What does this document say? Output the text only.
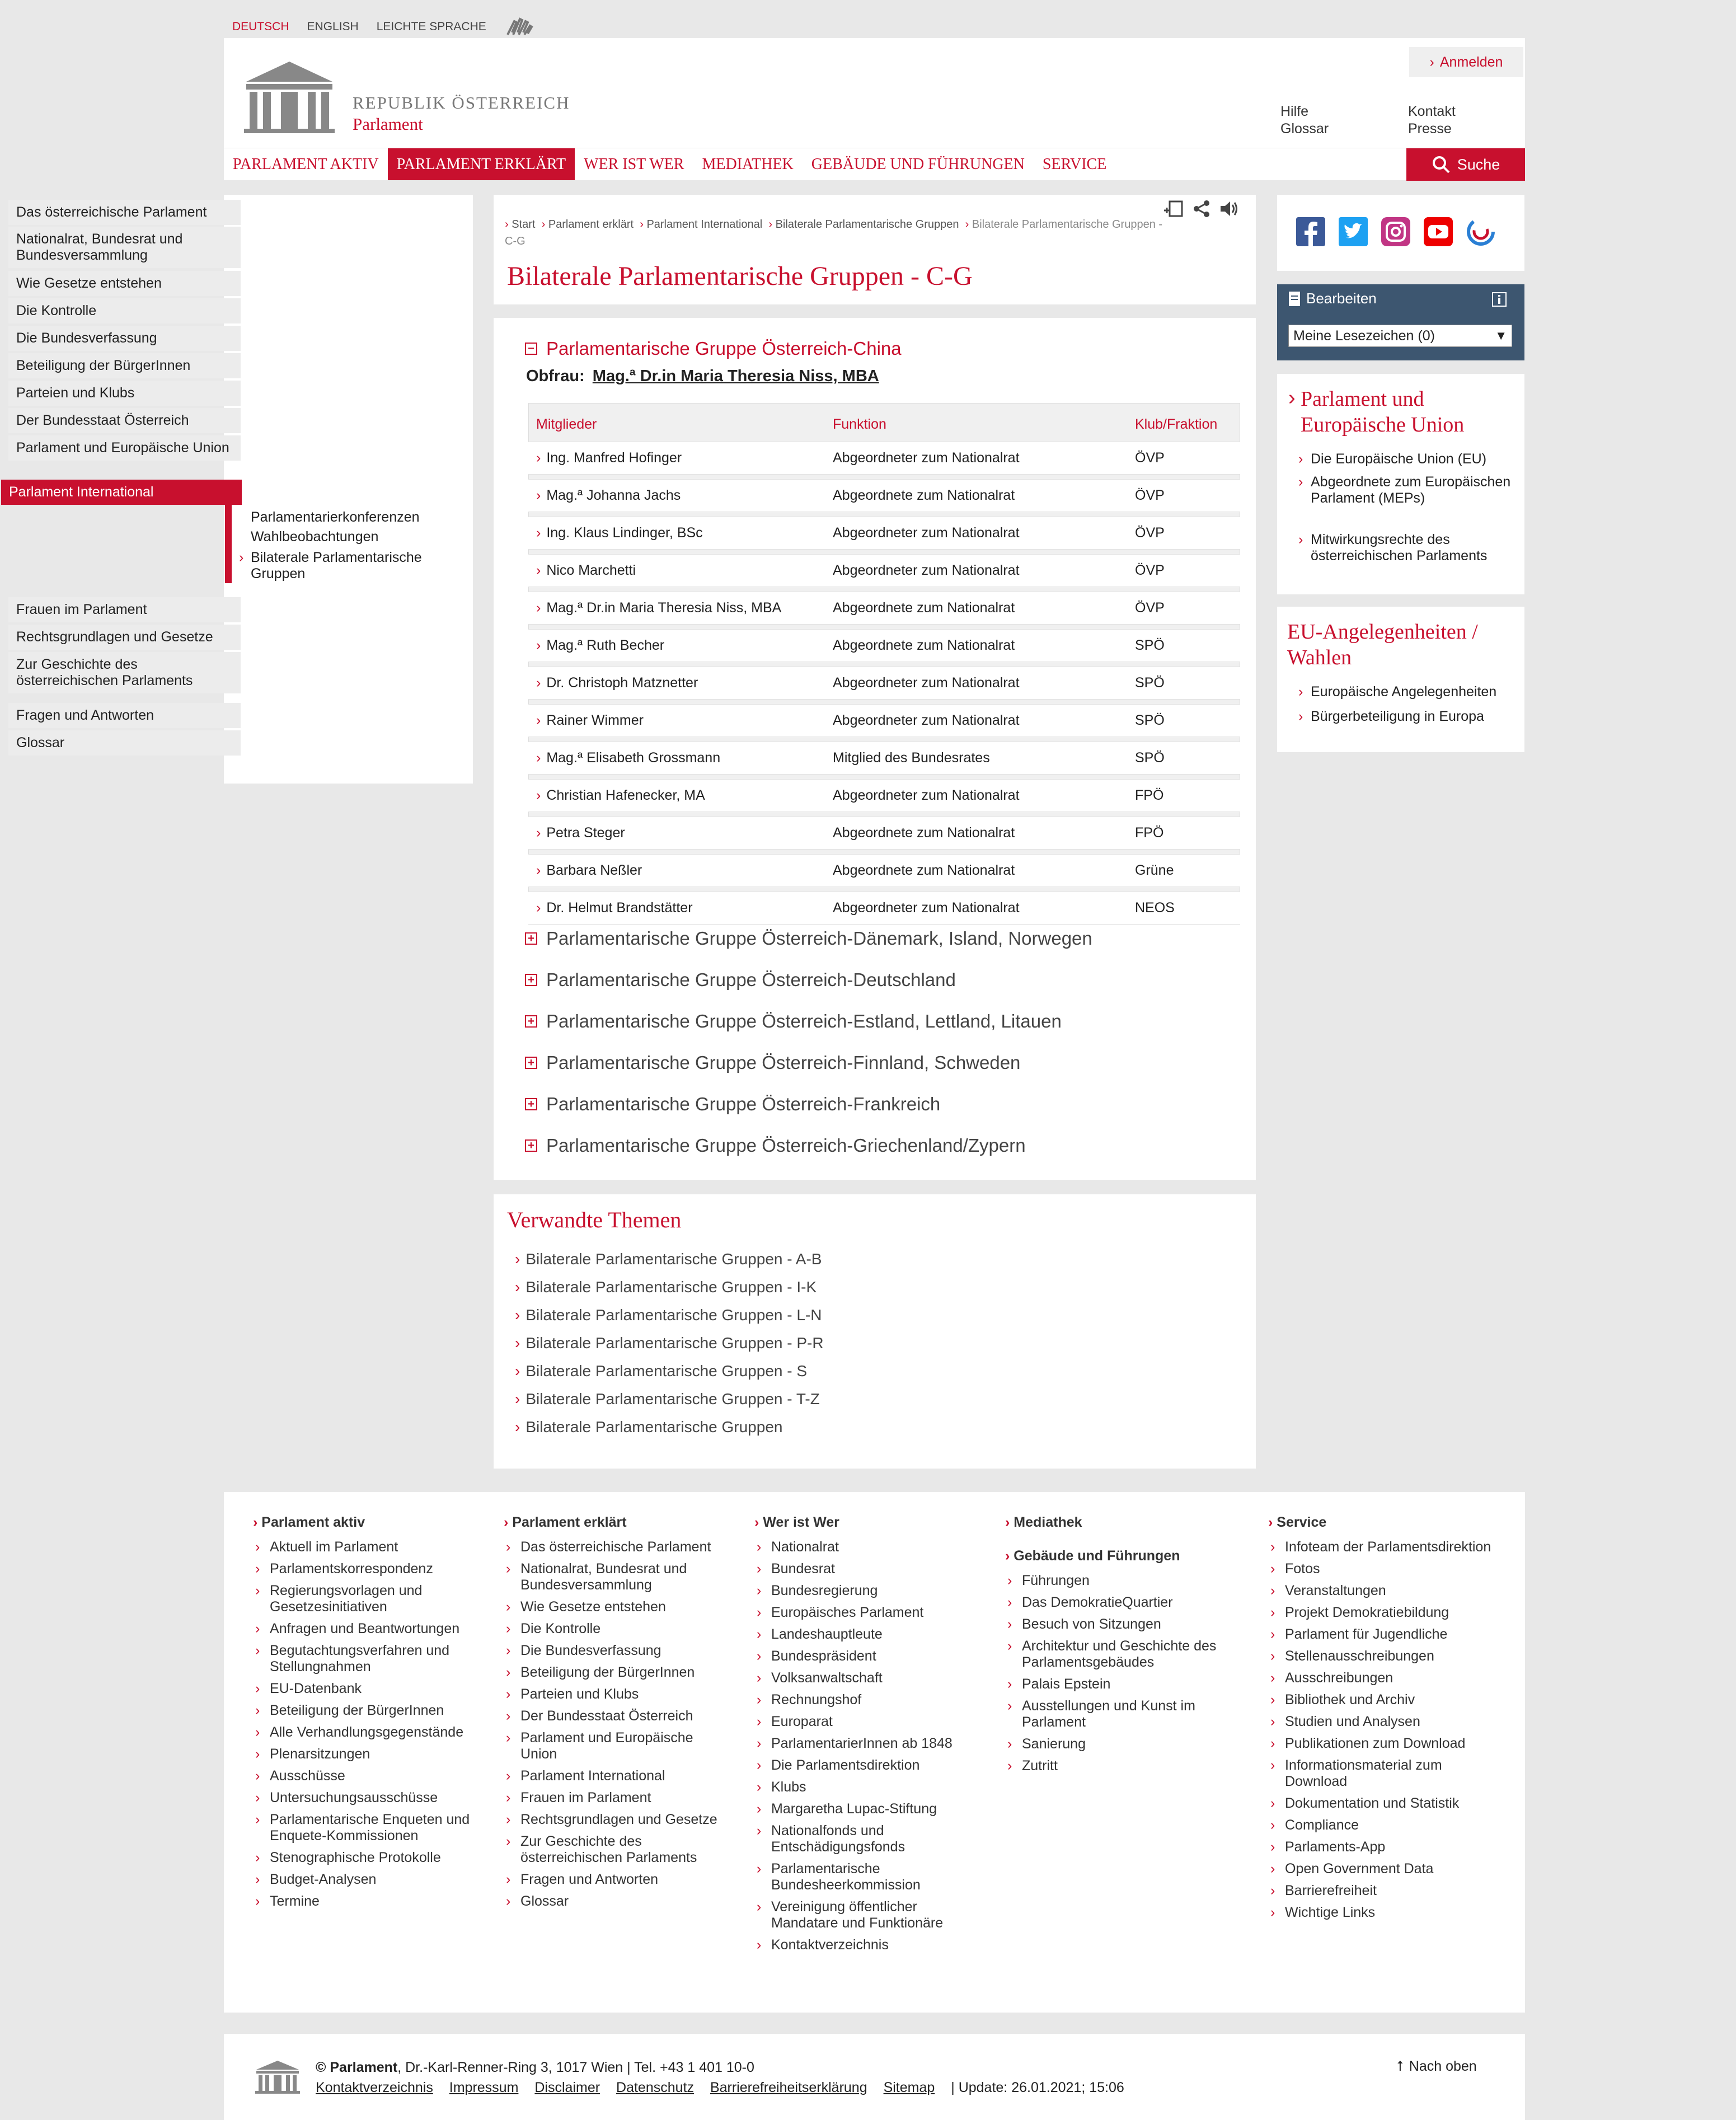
DEUTSCH ENGLISH LEICHTE SPRACHE
REPUBLIK ÖSTERREICH
Parlament
› Anmelden
Hilfe
Glossar
Kontakt
Presse
PARLAMENT AKTIV	PARLAMENT ERKLÄRT	WER IST WER	MEDIATHEK	GEBÄUDE UND FÜHRUNGEN	SERVICE	Suche
Das österreichische Parlament
Nationalrat, Bundesrat und Bundesversammlung
Wie Gesetze entstehen
Die Kontrolle
Die Bundesverfassung
Beteiligung der BürgerInnen
Parteien und Klubs
Der Bundesstaat Österreich
Parlament und Europäische Union
Parlament International
Parlamentarierkonferenzen
Wahlbeobachtungen
› Bilaterale Parlamentarische Gruppen
Frauen im Parlament
Rechtsgrundlagen und Gesetze
Zur Geschichte des österreichischen Parlaments
Fragen und Antworten
Glossar
› Start  › Parlament erklärt  › Parlament International  › Bilaterale Parlamentarische Gruppen  › Bilaterale Parlamentarische Gruppen - C-G
Bilaterale Parlamentarische Gruppen - C-G
− Parlamentarische Gruppe Österreich-China
Obfrau: Mag.ª Dr.in Maria Theresia Niss, MBA
Mitglieder	Funktion	Klub/Fraktion
› Ing. Manfred Hofinger	Abgeordneter zum Nationalrat	ÖVP
› Mag.ª Johanna Jachs	Abgeordnete zum Nationalrat	ÖVP
› Ing. Klaus Lindinger, BSc	Abgeordneter zum Nationalrat	ÖVP
› Nico Marchetti	Abgeordneter zum Nationalrat	ÖVP
› Mag.ª Dr.in Maria Theresia Niss, MBA	Abgeordnete zum Nationalrat	ÖVP
› Mag.ª Ruth Becher	Abgeordnete zum Nationalrat	SPÖ
› Dr. Christoph Matznetter	Abgeordneter zum Nationalrat	SPÖ
› Rainer Wimmer	Abgeordneter zum Nationalrat	SPÖ
› Mag.ª Elisabeth Grossmann	Mitglied des Bundesrates	SPÖ
› Christian Hafenecker, MA	Abgeordneter zum Nationalrat	FPÖ
› Petra Steger	Abgeordnete zum Nationalrat	FPÖ
› Barbara Neßler	Abgeordnete zum Nationalrat	Grüne
› Dr. Helmut Brandstätter	Abgeordneter zum Nationalrat	NEOS
+ Parlamentarische Gruppe Österreich-Dänemark, Island, Norwegen
+ Parlamentarische Gruppe Österreich-Deutschland
+ Parlamentarische Gruppe Österreich-Estland, Lettland, Litauen
+ Parlamentarische Gruppe Österreich-Finnland, Schweden
+ Parlamentarische Gruppe Österreich-Frankreich
+ Parlamentarische Gruppe Österreich-Griechenland/Zypern
Verwandte Themen
› Bilaterale Parlamentarische Gruppen - A-B
› Bilaterale Parlamentarische Gruppen - I-K
› Bilaterale Parlamentarische Gruppen - L-N
› Bilaterale Parlamentarische Gruppen - P-R
› Bilaterale Parlamentarische Gruppen - S
› Bilaterale Parlamentarische Gruppen - T-Z
› Bilaterale Parlamentarische Gruppen
Bearbeiten
Meine Lesezeichen (0)	▼
› Parlament und Europäische Union
› Die Europäische Union (EU)
› Abgeordnete zum Europäischen Parlament (MEPs)
› Mitwirkungsrechte des österreichischen Parlaments
EU-Angelegenheiten / Wahlen
› Europäische Angelegenheiten
› Bürgerbeteiligung in Europa
› Parlament aktiv
› Aktuell im Parlament
› Parlamentskorrespondenz
› Regierungsvorlagen und Gesetzesinitiativen
› Anfragen und Beantwortungen
› Begutachtungsverfahren und Stellungnahmen
› EU-Datenbank
› Beteiligung der BürgerInnen
› Alle Verhandlungsgegenstände
› Plenarsitzungen
› Ausschüsse
› Untersuchungsausschüsse
› Parlamentarische Enqueten und Enquete-Kommissionen
› Stenographische Protokolle
› Budget-Analysen
› Termine
› Parlament erklärt
› Das österreichische Parlament
› Nationalrat, Bundesrat und Bundesversammlung
› Wie Gesetze entstehen
› Die Kontrolle
› Die Bundesverfassung
› Beteiligung der BürgerInnen
› Parteien und Klubs
› Der Bundesstaat Österreich
› Parlament und Europäische Union
› Parlament International
› Frauen im Parlament
› Rechtsgrundlagen und Gesetze
› Zur Geschichte des österreichischen Parlaments
› Fragen und Antworten
› Glossar
› Wer ist Wer
› Nationalrat
› Bundesrat
› Bundesregierung
› Europäisches Parlament
› Landeshauptleute
› Bundespräsident
› Volksanwaltschaft
› Rechnungshof
› Europarat
› ParlamentarierInnen ab 1848
› Die Parlamentsdirektion
› Klubs
› Margaretha Lupac-Stiftung
› Nationalfonds und Entschädigungsfonds
› Parlamentarische Bundesheerkommission
› Vereinigung öffentlicher Mandatare und Funktionäre
› Kontaktverzeichnis
› Mediathek
› Gebäude und Führungen
› Führungen
› Das DemokratieQuartier
› Besuch von Sitzungen
› Architektur und Geschichte des Parlamentsgebäudes
› Palais Epstein
› Ausstellungen und Kunst im Parlament
› Sanierung
› Zutritt
› Service
› Infoteam der Parlamentsdirektion
› Fotos
› Veranstaltungen
› Projekt Demokratiebildung
› Parlament für Jugendliche
› Stellenausschreibungen
› Ausschreibungen
› Bibliothek und Archiv
› Studien und Analysen
› Publikationen zum Download
› Informationsmaterial zum Download
› Dokumentation und Statistik
› Compliance
› Parlaments-App
› Open Government Data
› Barrierefreiheit
› Wichtige Links
© Parlament, Dr.-Karl-Renner-Ring 3, 1017 Wien | Tel. +43 1 401 10-0
Kontaktverzeichnis Impressum Disclaimer Datenschutz Barrierefreiheitserklärung Sitemap | Update: 26.01.2021; 15:06
⭡ Nach oben
